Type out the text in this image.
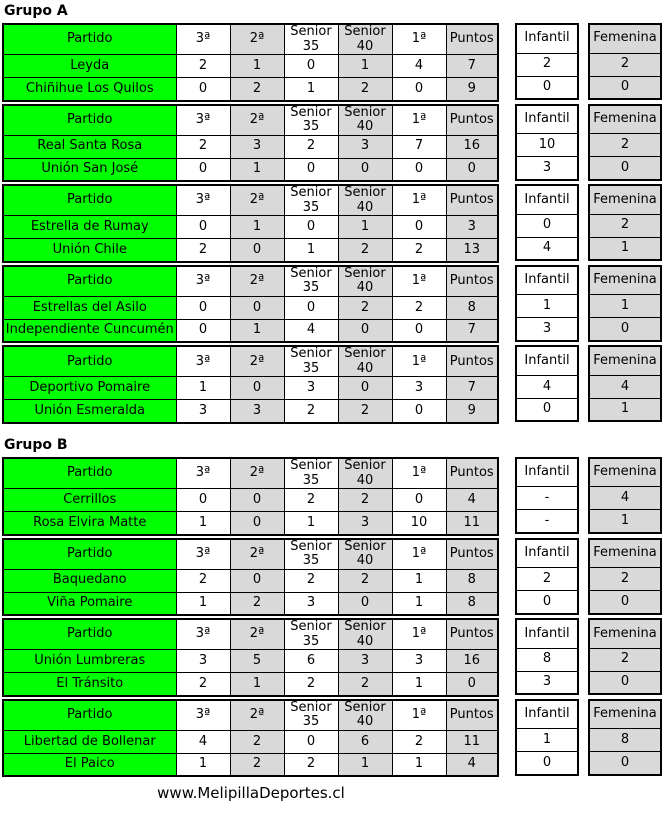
Grupo A
Partido	3ª	2ª	Senior 35	Senior 40	1ª	Puntos
Leyda	2	1	0	1	4	7
Chiñihue Los Quilos	0	2	1	2	0	9
Infantil
2
0
Femenina
2
0
Partido	3ª	2ª	Senior 35	Senior 40	1ª	Puntos
Real Santa Rosa	2	3	2	3	7	16
Unión San José	0	1	0	0	0	0
Infantil
10
3
Femenina
2
0
Partido	3ª	2ª	Senior 35	Senior 40	1ª	Puntos
Estrella de Rumay	0	1	0	1	0	3
Unión Chile	2	0	1	2	2	13
Infantil
0
4
Femenina
2
1
Partido	3ª	2ª	Senior 35	Senior 40	1ª	Puntos
Estrellas del Asilo	0	0	0	2	2	8
Independiente Cuncumén	0	1	4	0	0	7
Infantil
1
3
Femenina
1
0
Partido	3ª	2ª	Senior 35	Senior 40	1ª	Puntos
Deportivo Pomaire	1	0	3	0	3	7
Unión Esmeralda	3	3	2	2	0	9
Infantil
4
0
Femenina
4
1
Grupo B
Partido	3ª	2ª	Senior 35	Senior 40	1ª	Puntos
Cerrillos	0	0	2	2	0	4
Rosa Elvira Matte	1	0	1	3	10	11
Infantil
-
-
Femenina
4
1
Partido	3ª	2ª	Senior 35	Senior 40	1ª	Puntos
Baquedano	2	0	2	2	1	8
Viña Pomaire	1	2	3	0	1	8
Infantil
2
0
Femenina
2
0
Partido	3ª	2ª	Senior 35	Senior 40	1ª	Puntos
Unión Lumbreras	3	5	6	3	3	16
El Tránsito	2	1	2	2	1	0
Infantil
8
3
Femenina
2
0
Partido	3ª	2ª	Senior 35	Senior 40	1ª	Puntos
Libertad de Bollenar	4	2	0	6	2	11
El Paico	1	2	2	1	1	4
Infantil
1
0
Femenina
8
0
www.MelipillaDeportes.cl
